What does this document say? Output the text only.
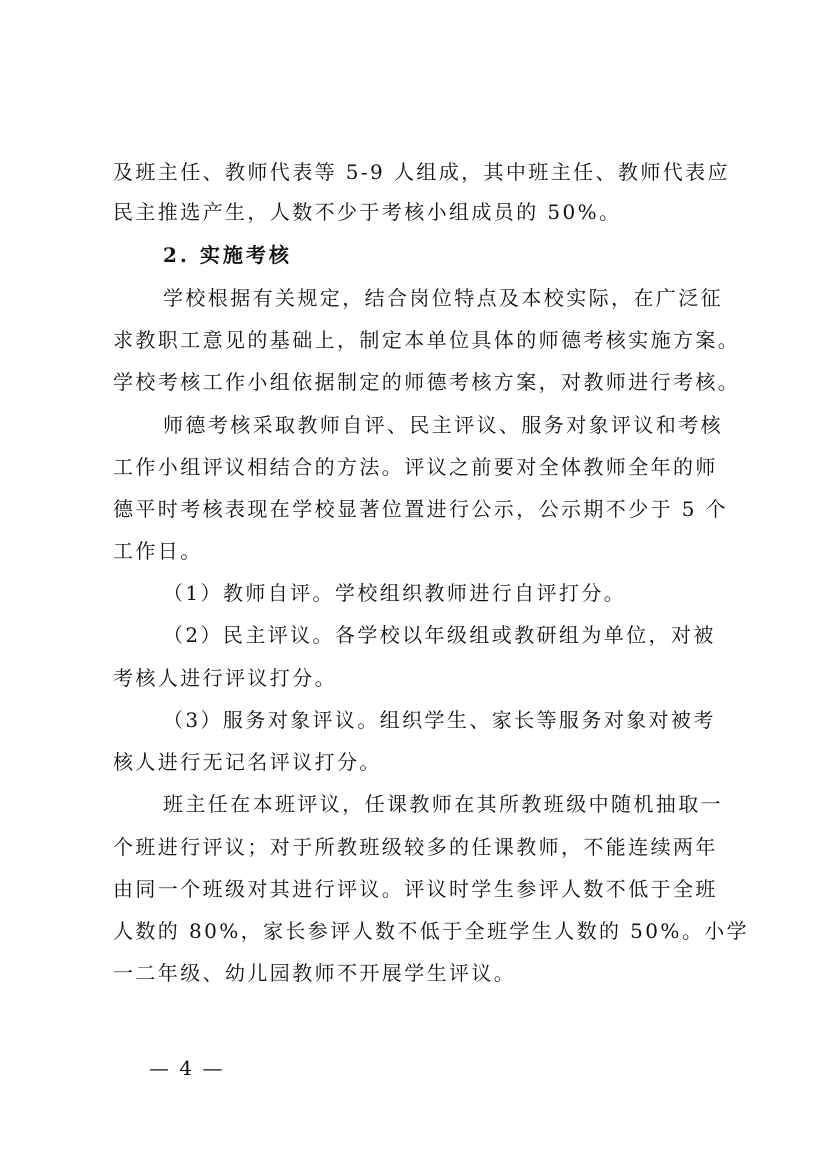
及班主任、教师代表等 5-9 人组成，其中班主任、教师代表应
民主推选产生，人数不少于考核小组成员的 50%。
2. 实施考核
学校根据有关规定，结合岗位特点及本校实际，在广泛征
求教职工意见的基础上，制定本单位具体的师德考核实施方案。
学校考核工作小组依据制定的师德考核方案，对教师进行考核。
师德考核采取教师自评、民主评议、服务对象评议和考核
工作小组评议相结合的方法。评议之前要对全体教师全年的师
德平时考核表现在学校显著位置进行公示，公示期不少于 5 个
工作日。
（1）教师自评。学校组织教师进行自评打分。
（2）民主评议。各学校以年级组或教研组为单位，对被
考核人进行评议打分。
（3）服务对象评议。组织学生、家长等服务对象对被考
核人进行无记名评议打分。
班主任在本班评议，任课教师在其所教班级中随机抽取一
个班进行评议；对于所教班级较多的任课教师，不能连续两年
由同一个班级对其进行评议。评议时学生参评人数不低于全班
人数的 80%，家长参评人数不低于全班学生人数的 50%。小学
一二年级、幼儿园教师不开展学生评议。
— 4 —
